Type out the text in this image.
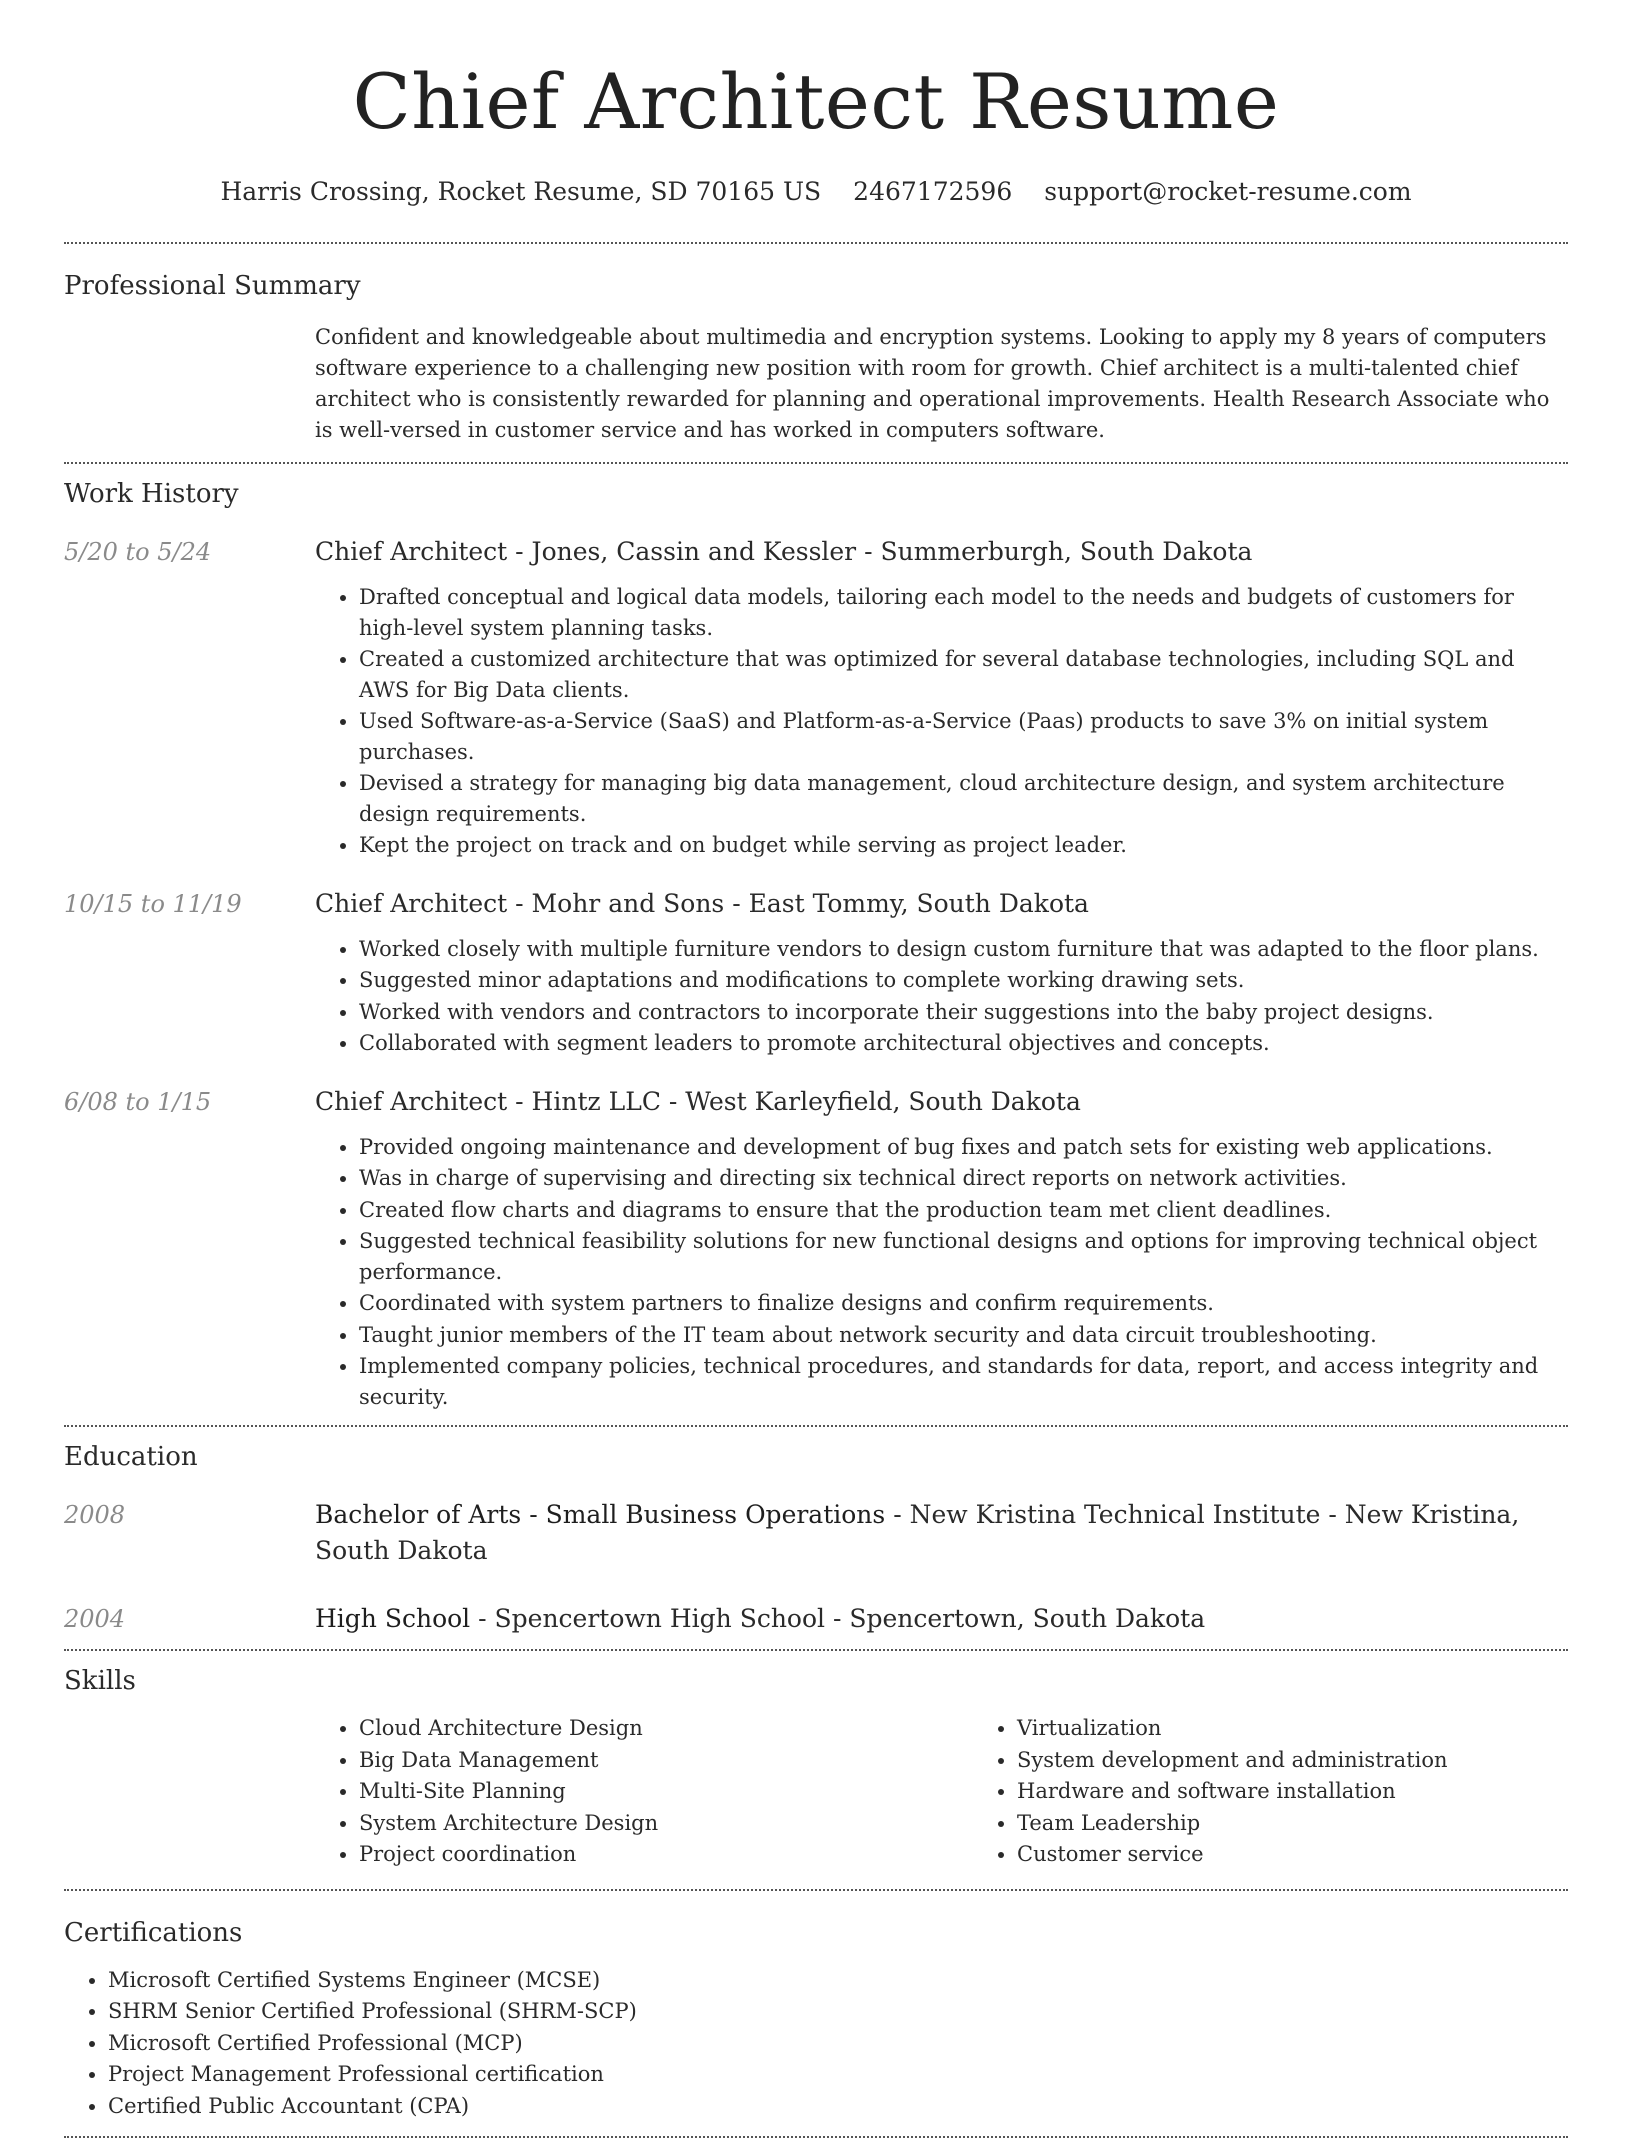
Chief Architect Resume
Harris Crossing, Rocket Resume, SD 70165 US 2467172596 support@rocket-resume.com
Professional Summary
Confident and knowledgeable about multimedia and encryption systems. Looking to apply my 8 years of computers software experience to a challenging new position with room for growth. Chief architect is a multi-talented chief architect who is consistently rewarded for planning and operational improvements. Health Research Associate who is well-versed in customer service and has worked in computers software.
Work History
5/20 to 5/24	Chief Architect - Jones, Cassin and Kessler - Summerburgh, South Dakota
• Drafted conceptual and logical data models, tailoring each model to the needs and budgets of customers for high-level system planning tasks.
• Created a customized architecture that was optimized for several database technologies, including SQL and AWS for Big Data clients.
• Used Software-as-a-Service (SaaS) and Platform-as-a-Service (Paas) products to save 3% on initial system purchases.
• Devised a strategy for managing big data management, cloud architecture design, and system architecture design requirements.
• Kept the project on track and on budget while serving as project leader.
10/15 to 11/19	Chief Architect - Mohr and Sons - East Tommy, South Dakota
• Worked closely with multiple furniture vendors to design custom furniture that was adapted to the floor plans.
• Suggested minor adaptations and modifications to complete working drawing sets.
• Worked with vendors and contractors to incorporate their suggestions into the baby project designs.
• Collaborated with segment leaders to promote architectural objectives and concepts.
6/08 to 1/15	Chief Architect - Hintz LLC - West Karleyfield, South Dakota
• Provided ongoing maintenance and development of bug fixes and patch sets for existing web applications.
• Was in charge of supervising and directing six technical direct reports on network activities.
• Created flow charts and diagrams to ensure that the production team met client deadlines.
• Suggested technical feasibility solutions for new functional designs and options for improving technical object performance.
• Coordinated with system partners to finalize designs and confirm requirements.
• Taught junior members of the IT team about network security and data circuit troubleshooting.
• Implemented company policies, technical procedures, and standards for data, report, and access integrity and security.
Education
2008	Bachelor of Arts - Small Business Operations - New Kristina Technical Institute - New Kristina, South Dakota
2004	High School - Spencertown High School - Spencertown, South Dakota
Skills
• Cloud Architecture Design
• Big Data Management
• Multi-Site Planning
• System Architecture Design
• Project coordination
• Virtualization
• System development and administration
• Hardware and software installation
• Team Leadership
• Customer service
Certifications
• Microsoft Certified Systems Engineer (MCSE)
• SHRM Senior Certified Professional (SHRM-SCP)
• Microsoft Certified Professional (MCP)
• Project Management Professional certification
• Certified Public Accountant (CPA)
